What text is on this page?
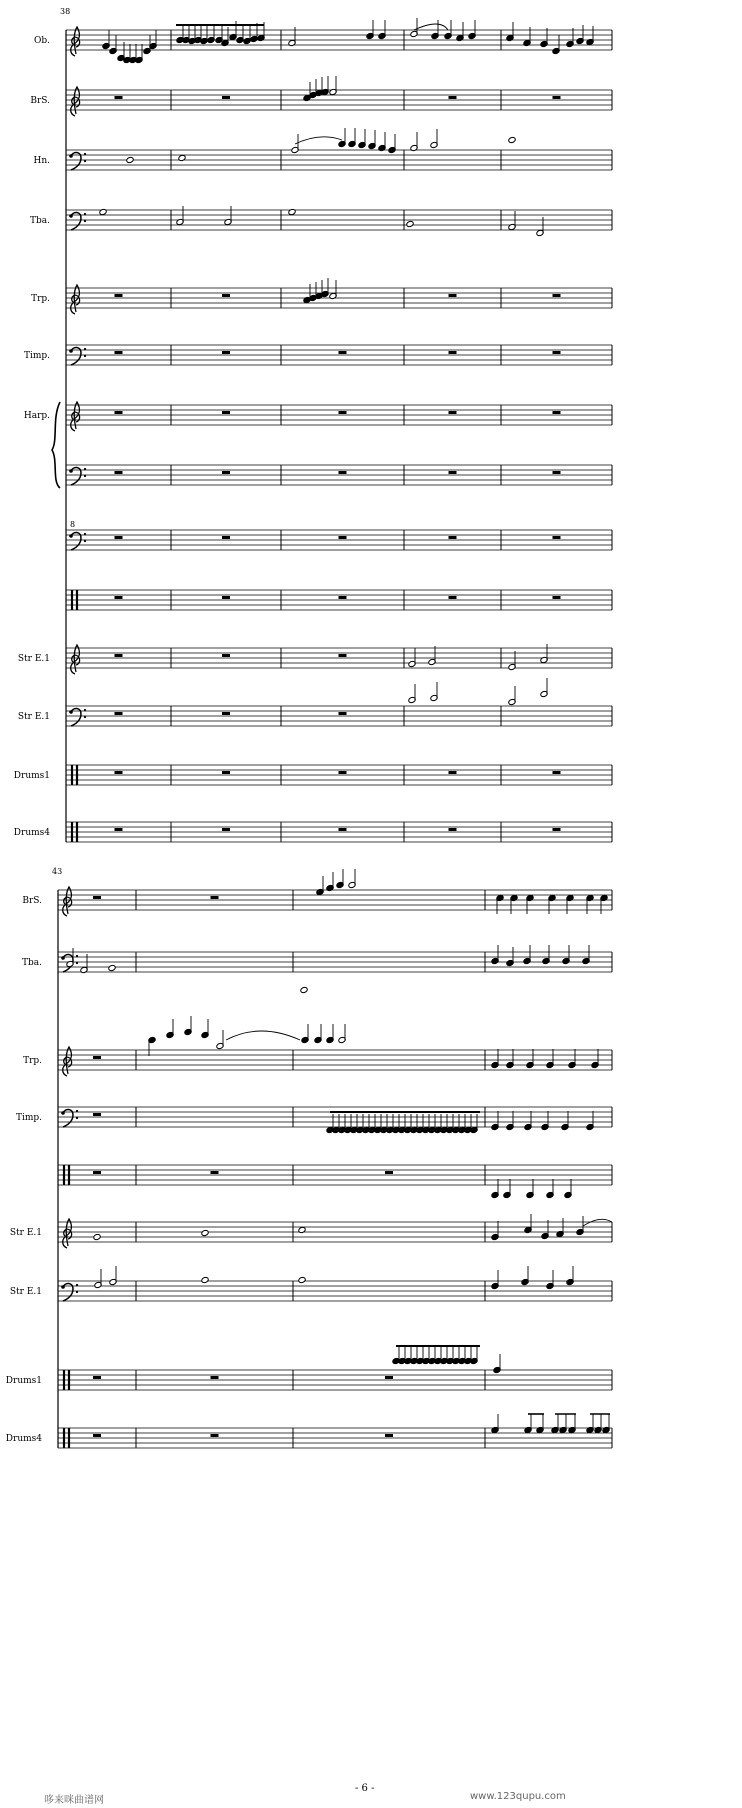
Ob.
BrS.
Hn.
Tba.
Trp.
Timp.
Harp.
8
Str E.1
Str E.1
Drums1
Drums4
38
BrS.
Tba.
Trp.
Timp.
Str E.1
Str E.1
Drums1
Drums4
43
- 6 -
哆来咪曲谱网	www.123qupu.com
